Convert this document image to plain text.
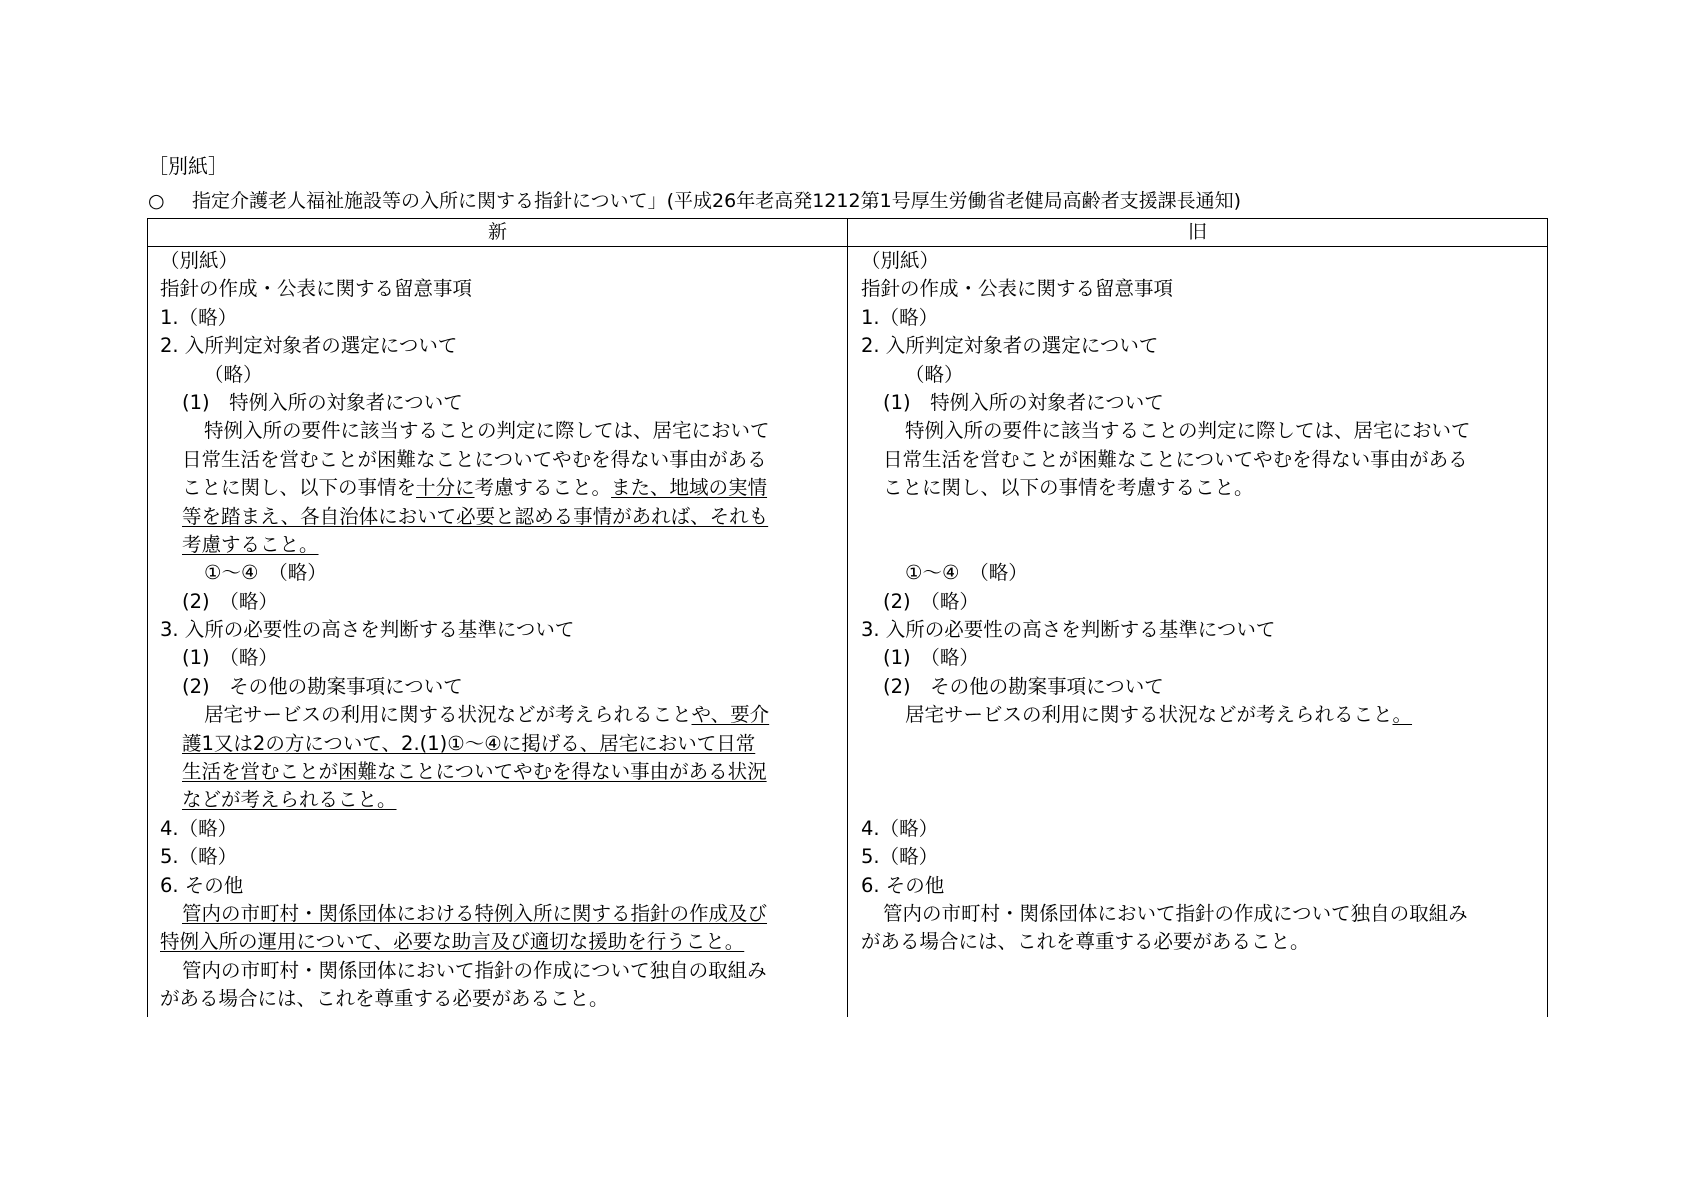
［別紙］
○ 指定介護老人福祉施設等の入所に関する指針について」(平成26年老高発1212第1号厚生労働省老健局高齢者支援課長通知)
新	旧
（別紙）
指針の作成・公表に関する留意事項
1.（略）
2. 入所判定対象者の選定について
（略）
(1)　特例入所の対象者について
特例入所の要件に該当することの判定に際しては、居宅において
日常生活を営むことが困難なことについてやむを得ない事由がある
ことに関し、以下の事情を十分に考慮すること。また、地域の実情
等を踏まえ、各自治体において必要と認める事情があれば、それも
考慮すること。
①～④　（略）
(2)　（略）
3. 入所の必要性の高さを判断する基準について
(1)　（略）
(2)　その他の勘案事項について
居宅サービスの利用に関する状況などが考えられることや、要介
護1又は2の方について、2.(1)①～④に掲げる、居宅において日常
生活を営むことが困難なことについてやむを得ない事由がある状況
などが考えられること。
4.（略）
5.（略）
6. その他
管内の市町村・関係団体における特例入所に関する指針の作成及び
特例入所の運用について、必要な助言及び適切な援助を行うこと。
管内の市町村・関係団体において指針の作成について独自の取組み
がある場合には、これを尊重する必要があること。
（別紙）
指針の作成・公表に関する留意事項
1.（略）
2. 入所判定対象者の選定について
（略）
(1)　特例入所の対象者について
特例入所の要件に該当することの判定に際しては、居宅において
日常生活を営むことが困難なことについてやむを得ない事由がある
ことに関し、以下の事情を考慮すること。
①～④　（略）
(2)　（略）
3. 入所の必要性の高さを判断する基準について
(1)　（略）
(2)　その他の勘案事項について
居宅サービスの利用に関する状況などが考えられること。
4.（略）
5.（略）
6. その他
管内の市町村・関係団体において指針の作成について独自の取組み
がある場合には、これを尊重する必要があること。
